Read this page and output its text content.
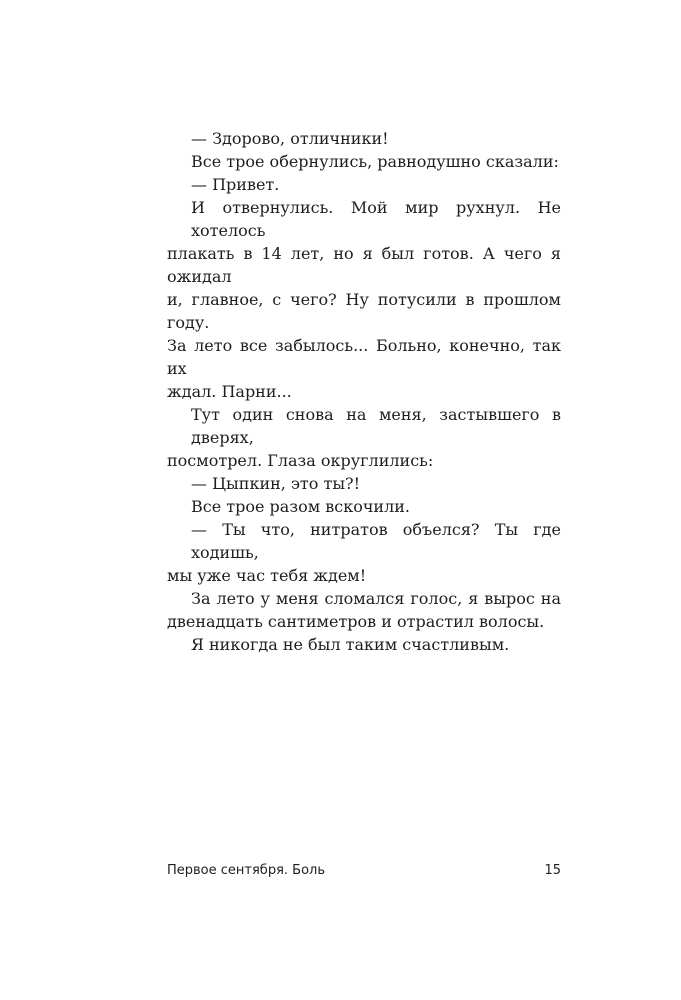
— Здорово, отличники!
Все трое обернулись, равнодушно сказали:
— Привет.
И отвернулись. Мой мир рухнул. Не хотелось
плакать в 14 лет, но я был готов. А чего я ожидал
и, главное, с чего? Ну потусили в прошлом году.
За лето все забылось... Больно, конечно, так их
ждал. Парни...
Тут один снова на меня, застывшего в дверях,
посмотрел. Глаза округлились:
— Цыпкин, это ты?!
Все трое разом вскочили.
— Ты что, нитратов объелся? Ты где ходишь,
мы уже час тебя ждем!
За лето у меня сломался голос, я вырос на
двенадцать сантиметров и отрастил волосы.
Я никогда не был таким счастливым.
Первое сентября. Боль	15
